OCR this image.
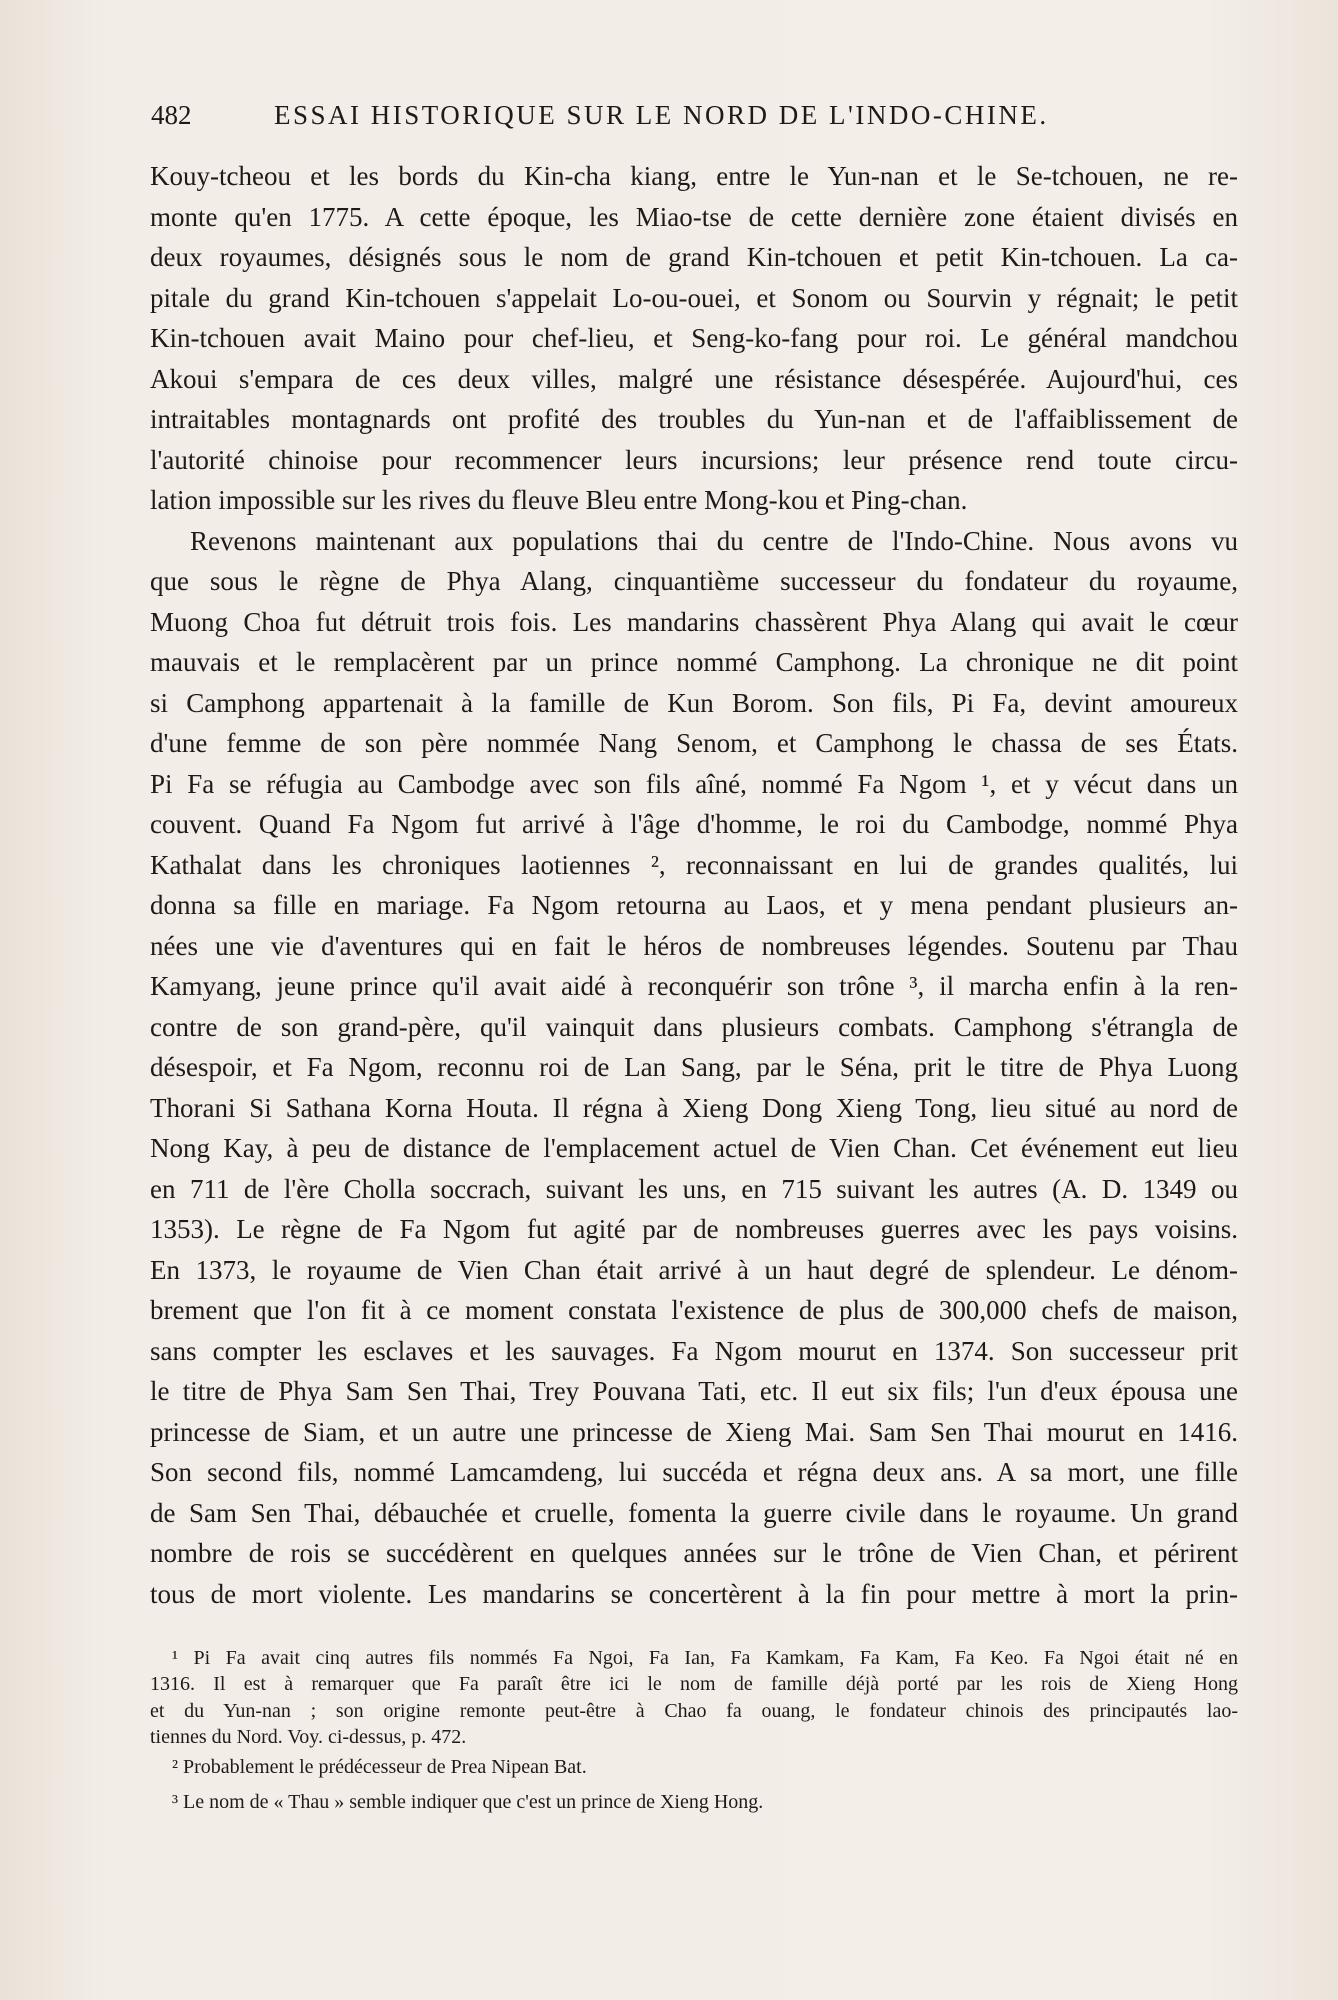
482	ESSAI HISTORIQUE SUR LE NORD DE L'INDO-CHINE.
Kouy-tcheou et les bords du Kin-cha kiang, entre le Yun-nan et le Se-tchouen, ne re-
monte qu'en 1775. A cette époque, les Miao-tse de cette dernière zone étaient divisés en
deux royaumes, désignés sous le nom de grand Kin-tchouen et petit Kin-tchouen. La ca-
pitale du grand Kin-tchouen s'appelait Lo-ou-ouei, et Sonom ou Sourvin y régnait; le petit
Kin-tchouen avait Maino pour chef-lieu, et Seng-ko-fang pour roi. Le général mandchou
Akoui s'empara de ces deux villes, malgré une résistance désespérée. Aujourd'hui, ces
intraitables montagnards ont profité des troubles du Yun-nan et de l'affaiblissement de
l'autorité chinoise pour recommencer leurs incursions; leur présence rend toute circu-
lation impossible sur les rives du fleuve Bleu entre Mong-kou et Ping-chan.
Revenons maintenant aux populations thai du centre de l'Indo-Chine. Nous avons vu
que sous le règne de Phya Alang, cinquantième successeur du fondateur du royaume,
Muong Choa fut détruit trois fois. Les mandarins chassèrent Phya Alang qui avait le cœur
mauvais et le remplacèrent par un prince nommé Camphong. La chronique ne dit point
si Camphong appartenait à la famille de Kun Borom. Son fils, Pi Fa, devint amoureux
d'une femme de son père nommée Nang Senom, et Camphong le chassa de ses États.
Pi Fa se réfugia au Cambodge avec son fils aîné, nommé Fa Ngom ¹, et y vécut dans un
couvent. Quand Fa Ngom fut arrivé à l'âge d'homme, le roi du Cambodge, nommé Phya
Kathalat dans les chroniques laotiennes ², reconnaissant en lui de grandes qualités, lui
donna sa fille en mariage. Fa Ngom retourna au Laos, et y mena pendant plusieurs an-
nées une vie d'aventures qui en fait le héros de nombreuses légendes. Soutenu par Thau
Kamyang, jeune prince qu'il avait aidé à reconquérir son trône ³, il marcha enfin à la ren-
contre de son grand-père, qu'il vainquit dans plusieurs combats. Camphong s'étrangla de
désespoir, et Fa Ngom, reconnu roi de Lan Sang, par le Séna, prit le titre de Phya Luong
Thorani Si Sathana Korna Houta. Il régna à Xieng Dong Xieng Tong, lieu situé au nord de
Nong Kay, à peu de distance de l'emplacement actuel de Vien Chan. Cet événement eut lieu
en 711 de l'ère Cholla soccrach, suivant les uns, en 715 suivant les autres (A. D. 1349 ou
1353). Le règne de Fa Ngom fut agité par de nombreuses guerres avec les pays voisins.
En 1373, le royaume de Vien Chan était arrivé à un haut degré de splendeur. Le dénom-
brement que l'on fit à ce moment constata l'existence de plus de 300,000 chefs de maison,
sans compter les esclaves et les sauvages. Fa Ngom mourut en 1374. Son successeur prit
le titre de Phya Sam Sen Thai, Trey Pouvana Tati, etc. Il eut six fils; l'un d'eux épousa une
princesse de Siam, et un autre une princesse de Xieng Mai. Sam Sen Thai mourut en 1416.
Son second fils, nommé Lamcamdeng, lui succéda et régna deux ans. A sa mort, une fille
de Sam Sen Thai, débauchée et cruelle, fomenta la guerre civile dans le royaume. Un grand
nombre de rois se succédèrent en quelques années sur le trône de Vien Chan, et périrent
tous de mort violente. Les mandarins se concertèrent à la fin pour mettre à mort la prin-
¹ Pi Fa avait cinq autres fils nommés Fa Ngoi, Fa Ian, Fa Kamkam, Fa Kam, Fa Keo. Fa Ngoi était né en
1316. Il est à remarquer que Fa paraît être ici le nom de famille déjà porté par les rois de Xieng Hong
et du Yun-nan ; son origine remonte peut-être à Chao fa ouang, le fondateur chinois des principautés lao-
tiennes du Nord. Voy. ci-dessus, p. 472.
² Probablement le prédécesseur de Prea Nipean Bat.
³ Le nom de « Thau » semble indiquer que c'est un prince de Xieng Hong.
